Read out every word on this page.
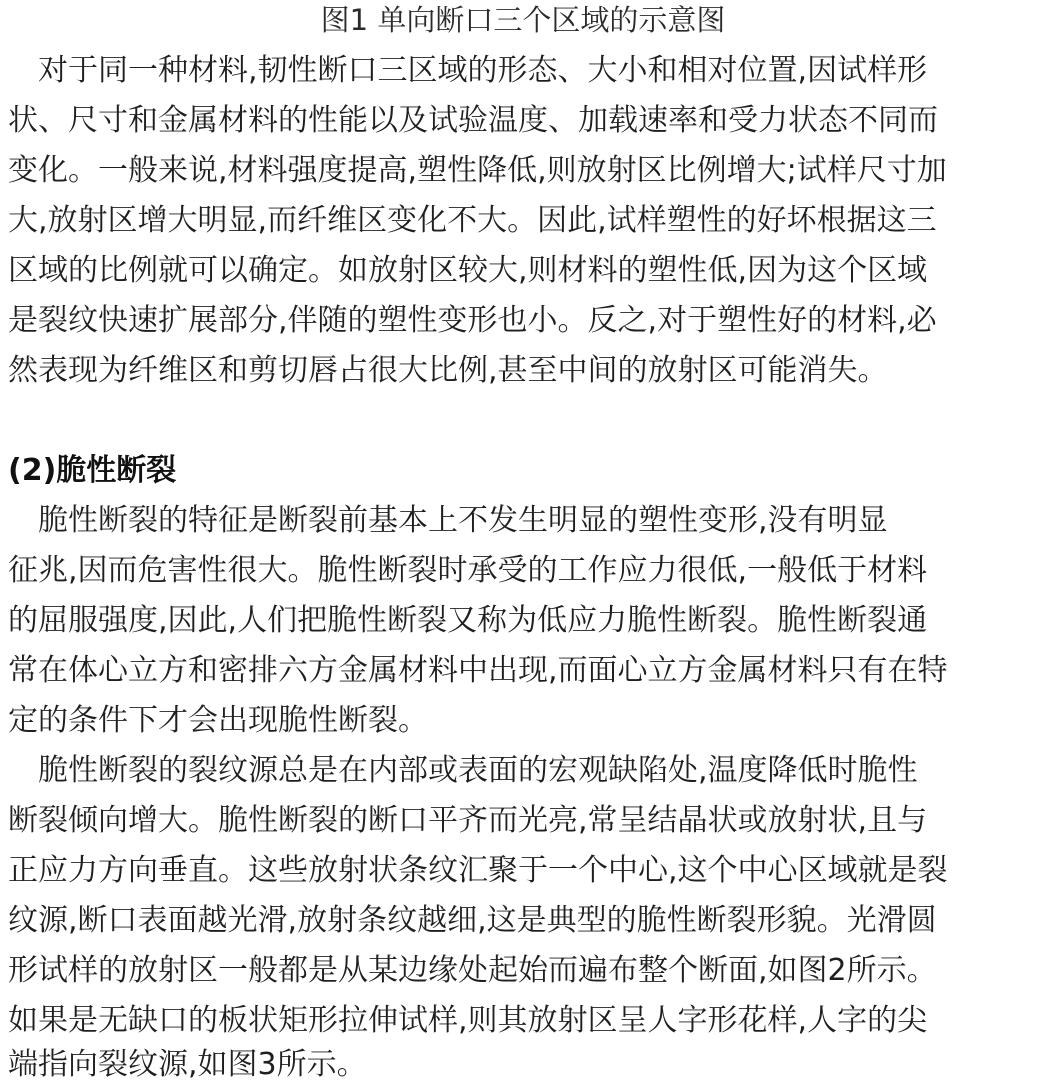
图1 单向断口三个区域的示意图
　对于同一种材料,韧性断口三区域的形态、大小和相对位置,因试样形
状、尺寸和金属材料的性能以及试验温度、加载速率和受力状态不同而
变化。一般来说,材料强度提高,塑性降低,则放射区比例增大;试样尺寸加
大,放射区增大明显,而纤维区变化不大。因此,试样塑性的好坏根据这三
区域的比例就可以确定。如放射区较大,则材料的塑性低,因为这个区域
是裂纹快速扩展部分,伴随的塑性变形也小。反之,对于塑性好的材料,必
然表现为纤维区和剪切唇占很大比例,甚至中间的放射区可能消失。
(2)脆性断裂
　脆性断裂的特征是断裂前基本上不发生明显的塑性变形,没有明显
征兆,因而危害性很大。脆性断裂时承受的工作应力很低,一般低于材料
的屈服强度,因此,人们把脆性断裂又称为低应力脆性断裂。脆性断裂通
常在体心立方和密排六方金属材料中出现,而面心立方金属材料只有在特
定的条件下才会出现脆性断裂。
　脆性断裂的裂纹源总是在内部或表面的宏观缺陷处,温度降低时脆性
断裂倾向增大。脆性断裂的断口平齐而光亮,常呈结晶状或放射状,且与
正应力方向垂直。这些放射状条纹汇聚于一个中心,这个中心区域就是裂
纹源,断口表面越光滑,放射条纹越细,这是典型的脆性断裂形貌。光滑圆
形试样的放射区一般都是从某边缘处起始而遍布整个断面,如图2所示。
如果是无缺口的板状矩形拉伸试样,则其放射区呈人字形花样,人字的尖
端指向裂纹源,如图3所示。
